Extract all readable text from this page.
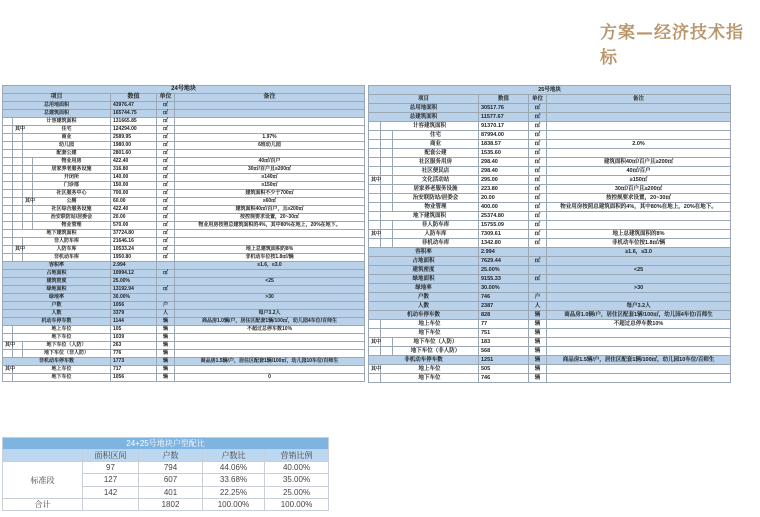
方案—经济技术指标
24号地块						
项目				数值	单位	备注
总用地面积				43976.47	㎡	
总建筑面积				165744.75	㎡	
	计容建筑面积			131665.85	㎡	
	其中	住宅		124294.00	㎡	
		商业		2589.95	㎡	1.97%
		幼儿园		1980.00	㎡	6班幼儿园
		配套公建		2801.60	㎡	
			物业用房	422.40	㎡	40㎡/百户
			居家养老服务设施	316.80	㎡	30㎡/百户且≥200㎡
			开闭所	140.00	㎡	≥140㎡
			门诊部	150.00	㎡	≥150㎡
			社区服务中心	700.00	㎡	建筑面积不少于700㎡
		其中	公厕	60.00	㎡	≥60㎡
			社区综合服务设施	422.40	㎡	建筑面积40㎡/百户，且≥200㎡
			治安联防站/居委会	20.00	㎡	按控规要求设置，20~30㎡
			物业管理	570.00	㎡	物业用房按照总建筑面积的4%，其中80%在地上，20%在地下。
	地下建筑面积			37724.80	㎡	
		非人防车库		21646.16	㎡	
	其中	人防车库		10533.24	㎡	地上总建筑面积的8%
		非机动车库		1950.80	㎡	非机动车位按1.8㎡/辆
容积率				2.994		≥1.6，≤3.0
占地面积				10994.12	㎡	
建筑密度				25.00%		<25
绿地面积				13192.94	㎡	
绿地率				30.00%		>30
户数				1056	户	
人数				3379	人	每户3.2人
机动车停车数				1144	辆	商品房1.0辆/户，居住区配套1辆/100㎡，幼儿园4车位/百师生
	地上车位			105	辆	不超过总停车数10%
	地下车位			1039	辆	
其中		地下车位（人防）		263	辆	
		地下车位（非人防）		776	辆	
非机动车停车数				1773	辆	商品房1.5辆/户，居住区配套1辆/100㎡，幼儿园10车位/百师生
其中	地上车位			717	辆	
	地下车位			1056	辆	0
25号地块					
项目			数值	单位	备注
总用地面积			30517.76	㎡	
总建筑面积			11577.67	㎡	
	计容建筑面积		91370.17	㎡	
		住宅	87994.00	㎡	
		商业	1838.57	㎡	2.0%
		配套公建	1535.60	㎡	
		社区服务用房	298.40	㎡	建筑面积40㎡/百户且≥200㎡
		社区便民店	298.40	㎡	40㎡/百户
其中		文化活动站	295.00	㎡	≥150㎡
		居家养老服务设施	223.80	㎡	30㎡/百户且≥200㎡
		治安联防站/居委会	20.00	㎡	按控规要求设置，20~30㎡
		物业管理	400.00	㎡	物业用房按照总建筑面积的4%，其中80%在地上，20%在地下。
	地下建筑面积		25374.80	㎡	
		非人防车库	15755.09	㎡	
其中		人防车库	7309.61	㎡	地上总建筑面积的8%
		非机动车库	1342.80	㎡	非机动车位按1.8㎡/辆
容积率			2.994		≥1.6，≤3.0
占地面积			7629.44	㎡	
建筑密度			25.00%		<25
绿地面积			9155.33	㎡	
绿地率			30.00%		>30
户数			746	户	
人数			2387	人	每户3.2人
机动车停车数			828	辆	商品房1.0辆/户，居住区配套1辆/100㎡，幼儿园4车位/百师生
	地上车位		77	辆	不超过总停车数10%
	地下车位		751	辆	
其中		地下车位（人防）	183	辆	
		地下车位（非人防）	568	辆	
非机动车停车数			1251	辆	商品房1.5辆/户，居住区配套1辆/100㎡，幼儿园10车位/百师生
其中	地上车位		505	辆	
	地下车位		746	辆	
24+25号地块户型配比				
	面积区间	户数	户数比	营销比例
标准段	97	794	44.06%	40.00%
	127	607	33.68%	35.00%
	142	401	22.25%	25.00%
合计		1802	100.00%	100.00%
